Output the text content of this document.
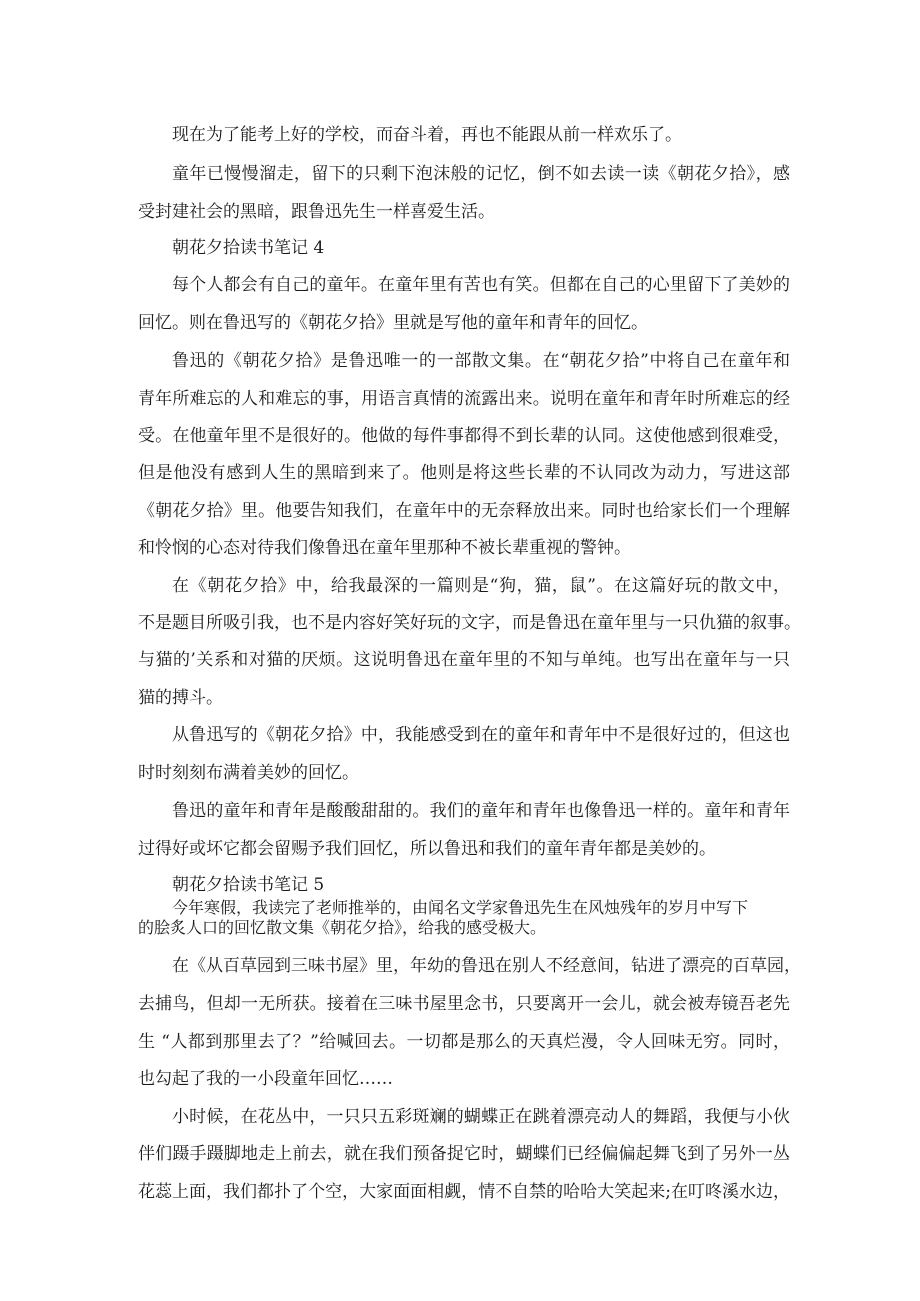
现在为了能考上好的学校，而奋斗着，再也不能跟从前一样欢乐了。
童年已慢慢溜走，留下的只剩下泡沫般的记忆，倒不如去读一读《朝花夕拾》，感
受封建社会的黑暗，跟鲁迅先生一样喜爱生活。
朝花夕拾读书笔记 4
每个人都会有自己的童年。在童年里有苦也有笑。但都在自己的心里留下了美妙的
回忆。则在鲁迅写的《朝花夕拾》里就是写他的童年和青年的回忆。
鲁迅的《朝花夕拾》是鲁迅唯一的一部散文集。在“朝花夕拾”中将自己在童年和
青年所难忘的人和难忘的事，用语言真情的流露出来。说明在童年和青年时所难忘的经
受。在他童年里不是很好的。他做的每件事都得不到长辈的认同。这使他感到很难受，
但是他没有感到人生的黑暗到来了。他则是将这些长辈的不认同改为动力，写进这部
《朝花夕拾》里。他要告知我们，在童年中的无奈释放出来。同时也给家长们一个理解
和怜悯的心态对待我们像鲁迅在童年里那种不被长辈重视的警钟。
在《朝花夕拾》中，给我最深的一篇则是“狗，猫，鼠”。在这篇好玩的散文中，
不是题目所吸引我，也不是内容好笑好玩的文字，而是鲁迅在童年里与一只仇猫的叙事。
与猫的’关系和对猫的厌烦。这说明鲁迅在童年里的不知与单纯。也写出在童年与一只
猫的搏斗。
从鲁迅写的《朝花夕拾》中，我能感受到在的童年和青年中不是很好过的，但这也
时时刻刻布满着美妙的回忆。
鲁迅的童年和青年是酸酸甜甜的。我们的童年和青年也像鲁迅一样的。童年和青年
过得好或坏它都会留赐予我们回忆，所以鲁迅和我们的童年青年都是美妙的。
朝花夕拾读书笔记 5
今年寒假，我读完了老师推举的，由闻名文学家鲁迅先生在风烛残年的岁月中写下
的脍炙人口的回忆散文集《朝花夕拾》，给我的感受极大。
在《从百草园到三味书屋》里，年幼的鲁迅在别人不经意间，钻进了漂亮的百草园，
去捕鸟，但却一无所获。接着在三味书屋里念书，只要离开一会儿，就会被寿镜吾老先
生 “人都到那里去了？”给喊回去。一切都是那么的天真烂漫，令人回味无穷。同时，
也勾起了我的一小段童年回忆……
小时候，在花丛中，一只只五彩斑斓的蝴蝶正在跳着漂亮动人的舞蹈，我便与小伙
伴们蹑手蹑脚地走上前去，就在我们预备捉它时，蝴蝶们已经偏偏起舞飞到了另外一丛
花蕊上面，我们都扑了个空，大家面面相觑，情不自禁的哈哈大笑起来;在叮咚溪水边，
